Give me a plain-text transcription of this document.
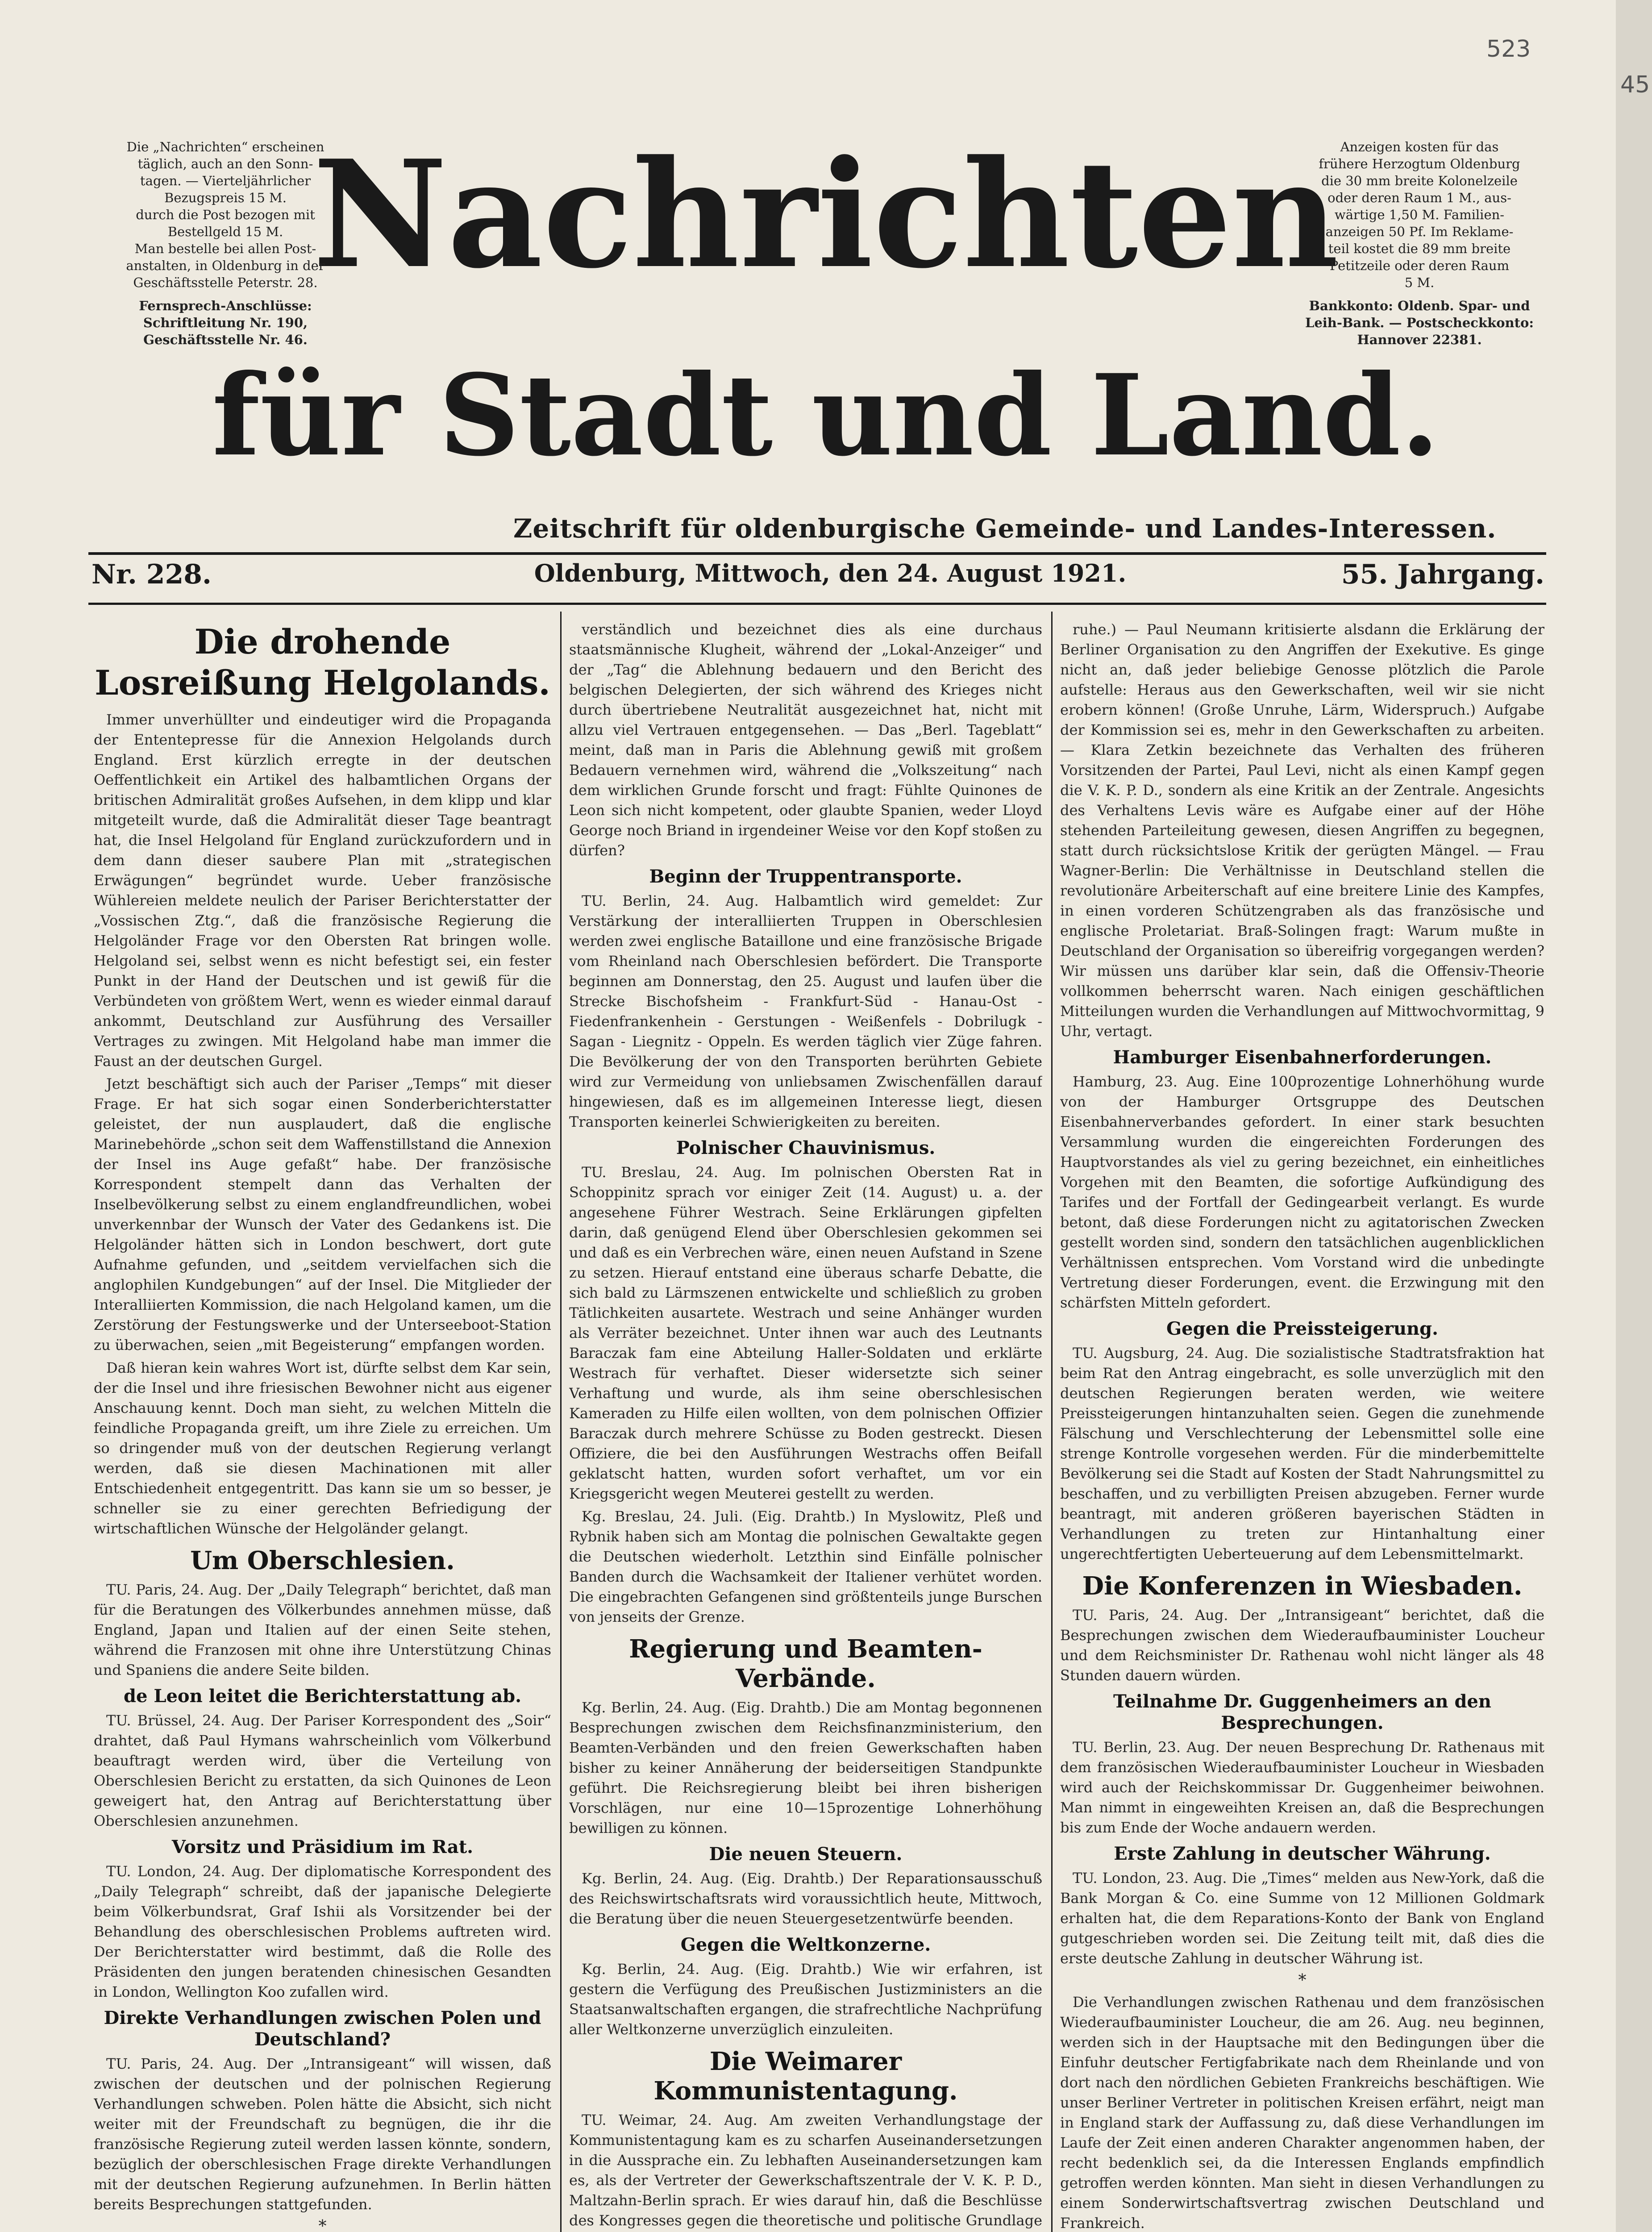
523
45
Nachrichten
für Stadt und Land.
Zeitschrift für oldenburgische Gemeinde- und Landes-Interessen.

Die „Nachrichten“ erscheinen

täglich, auch an den Sonn-

tagen. — Vierteljährlicher

Bezugspreis 15 M.

durch die Post bezogen mit

Bestellgeld 15 M.

Man bestelle bei allen Post-

anstalten, in Oldenburg in der

Geschäftsstelle Peterstr. 28.

Fernsprech-Anschlüsse:

Schriftleitung Nr. 190,

Geschäftsstelle Nr. 46.

Anzeigen kosten für das

frühere Herzogtum Oldenburg

die 30 mm breite Kolonelzeile

oder deren Raum 1 M., aus-

wärtige 1,50 M. Familien-

anzeigen 50 Pf. Im Reklame-

teil kostet die 89 mm breite

Petitzeile oder deren Raum

5 M.

Bankkonto: Oldenb. Spar- und

Leih-Bank. — Postscheckkonto:

Hannover 22381.

Nr. 228.	Oldenburg, Mittwoch, den 24. August 1921.	55. Jahrgang.
Die drohende Losreißung Helgolands.

Immer unverhüllter und eindeutiger wird die Propaganda der Ententepresse für die Annexion Helgolands durch England. Erst kürzlich erregte in der deutschen Oeffentlichkeit ein Artikel des halbamtlichen Organs der britischen Admiralität großes Aufsehen, in dem klipp und klar mitgeteilt wurde, daß die Admiralität dieser Tage beantragt hat, die Insel Helgoland für England zurückzufordern und in dem dann dieser saubere Plan mit „strategischen Erwägungen“ begründet wurde. Ueber französische Wühlereien meldete neulich der Pariser Berichterstatter der „Vossischen Ztg.“, daß die französische Regierung die Helgoländer Frage vor den Obersten Rat bringen wolle. Helgoland sei, selbst wenn es nicht befestigt sei, ein fester Punkt in der Hand der Deutschen und ist gewiß für die Verbündeten von größtem Wert, wenn es wieder einmal darauf ankommt, Deutschland zur Ausführung des Versailler Vertrages zu zwingen. Mit Helgoland habe man immer die Faust an der deutschen Gurgel.

Jetzt beschäftigt sich auch der Pariser „Temps“ mit dieser Frage. Er hat sich sogar einen Sonderberichterstatter geleistet, der nun ausplaudert, daß die englische Marinebehörde „schon seit dem Waffenstillstand die Annexion der Insel ins Auge gefaßt“ habe. Der französische Korrespondent stempelt dann das Verhalten der Inselbevölkerung selbst zu einem englandfreundlichen, wobei unverkennbar der Wunsch der Vater des Gedankens ist. Die Helgoländer hätten sich in London beschwert, dort gute Aufnahme gefunden, und „seitdem vervielfachen sich die anglophilen Kundgebungen“ auf der Insel. Die Mitglieder der Interalliierten Kommission, die nach Helgoland kamen, um die Zerstörung der Festungswerke und der Unterseeboot-Station zu überwachen, seien „mit Begeisterung“ empfangen worden.

Daß hieran kein wahres Wort ist, dürfte selbst dem Kar sein, der die Insel und ihre friesischen Bewohner nicht aus eigener Anschauung kennt. Doch man sieht, zu welchen Mitteln die feindliche Propaganda greift, um ihre Ziele zu erreichen. Um so dringender muß von der deutschen Regierung verlangt werden, daß sie diesen Machinationen mit aller Entschiedenheit entgegentritt. Das kann sie um so besser, je schneller sie zu einer gerechten Befriedigung der wirtschaftlichen Wünsche der Helgoländer gelangt.

Um Oberschlesien.

TU. Paris, 24. Aug. Der „Daily Telegraph“ berichtet, daß man für die Beratungen des Völkerbundes annehmen müsse, daß England, Japan und Italien auf der einen Seite stehen, während die Franzosen mit ohne ihre Unterstützung Chinas und Spaniens die andere Seite bilden.

de Leon leitet die Berichterstattung ab.

TU. Brüssel, 24. Aug. Der Pariser Korrespondent des „Soir“ drahtet, daß Paul Hymans wahrscheinlich vom Völkerbund beauftragt werden wird, über die Verteilung von Oberschlesien Bericht zu erstatten, da sich Quinones de Leon geweigert hat, den Antrag auf Berichterstattung über Oberschlesien anzunehmen.

Vorsitz und Präsidium im Rat.

TU. London, 24. Aug. Der diplomatische Korrespondent des „Daily Telegraph“ schreibt, daß der japanische Delegierte beim Völkerbundsrat, Graf Ishii als Vorsitzender bei der Behandlung des oberschlesischen Problems auftreten wird. Der Berichterstatter wird bestimmt, daß die Rolle des Präsidenten den jungen beratenden chinesischen Gesandten in London, Wellington Koo zufallen wird.

Direkte Verhandlungen zwischen Polen und Deutschland?

TU. Paris, 24. Aug. Der „Intransigeant“ will wissen, daß zwischen der deutschen und der polnischen Regierung Verhandlungen schweben. Polen hätte die Absicht, sich nicht weiter mit der Freundschaft zu begnügen, die ihr die französische Regierung zuteil werden lassen könnte, sondern, bezüglich der oberschlesischen Frage direkte Verhandlungen mit der deutschen Regierung aufzunehmen. In Berlin hätten bereits Besprechungen stattgefunden.

*

verständlich und bezeichnet dies als eine durchaus staatsmännische Klugheit, während der „Lokal-Anzeiger“ und der „Tag“ die Ablehnung bedauern und den Bericht des belgischen Delegierten, der sich während des Krieges nicht durch übertriebene Neutralität ausgezeichnet hat, nicht mit allzu viel Vertrauen entgegensehen. — Das „Berl. Tageblatt“ meint, daß man in Paris die Ablehnung gewiß mit großem Bedauern vernehmen wird, während die „Volkszeitung“ nach dem wirklichen Grunde forscht und fragt: Fühlte Quinones de Leon sich nicht kompetent, oder glaubte Spanien, weder Lloyd George noch Briand in irgendeiner Weise vor den Kopf stoßen zu dürfen?

Beginn der Truppentransporte.

TU. Berlin, 24. Aug. Halbamtlich wird gemeldet: Zur Verstärkung der interalliierten Truppen in Oberschlesien werden zwei englische Bataillone und eine französische Brigade vom Rheinland nach Oberschlesien befördert. Die Transporte beginnen am Donnerstag, den 25. August und laufen über die Strecke Bischofsheim - Frankfurt-Süd - Hanau-Ost - Fiedenfrankenhein - Gerstungen - Weißenfels - Dobrilugk - Sagan - Liegnitz - Oppeln. Es werden täglich vier Züge fahren. Die Bevölkerung der von den Transporten berührten Gebiete wird zur Vermeidung von unliebsamen Zwischenfällen darauf hingewiesen, daß es im allgemeinen Interesse liegt, diesen Transporten keinerlei Schwierigkeiten zu bereiten.

Polnischer Chauvinismus.

TU. Breslau, 24. Aug. Im polnischen Obersten Rat in Schoppinitz sprach vor einiger Zeit (14. August) u. a. der angesehene Führer Westrach. Seine Erklärungen gipfelten darin, daß genügend Elend über Oberschlesien gekommen sei und daß es ein Verbrechen wäre, einen neuen Aufstand in Szene zu setzen. Hierauf entstand eine überaus scharfe Debatte, die sich bald zu Lärmszenen entwickelte und schließlich zu groben Tätlichkeiten ausartete. Westrach und seine Anhänger wurden als Verräter bezeichnet. Unter ihnen war auch des Leutnants Baraczak fam eine Abteilung Haller-Soldaten und erklärte Westrach für verhaftet. Dieser widersetzte sich seiner Verhaftung und wurde, als ihm seine oberschlesischen Kameraden zu Hilfe eilen wollten, von dem polnischen Offizier Baraczak durch mehrere Schüsse zu Boden gestreckt. Diesen Offiziere, die bei den Ausführungen Westrachs offen Beifall geklatscht hatten, wurden sofort verhaftet, um vor ein Kriegsgericht wegen Meuterei gestellt zu werden.

Kg. Breslau, 24. Juli. (Eig. Drahtb.) In Myslowitz, Pleß und Rybnik haben sich am Montag die polnischen Gewaltakte gegen die Deutschen wiederholt. Letzthin sind Einfälle polnischer Banden durch die Wachsamkeit der Italiener verhütet worden. Die eingebrachten Gefangenen sind größtenteils junge Burschen von jenseits der Grenze.

Regierung und Beamten-Verbände.

Kg. Berlin, 24. Aug. (Eig. Drahtb.) Die am Montag begonnenen Besprechungen zwischen dem Reichsfinanzministerium, den Beamten-Verbänden und den freien Gewerkschaften haben bisher zu keiner Annäherung der beiderseitigen Standpunkte geführt. Die Reichsregierung bleibt bei ihren bisherigen Vorschlägen, nur eine 10—15prozentige Lohnerhöhung bewilligen zu können.

Die neuen Steuern.

Kg. Berlin, 24. Aug. (Eig. Drahtb.) Der Reparationsausschuß des Reichswirtschaftsrats wird voraussichtlich heute, Mittwoch, die Beratung über die neuen Steuergesetzentwürfe beenden.

Gegen die Weltkonzerne.

Kg. Berlin, 24. Aug. (Eig. Drahtb.) Wie wir erfahren, ist gestern die Verfügung des Preußischen Justizministers an die Staatsanwaltschaften ergangen, die strafrechtliche Nachprüfung aller Weltkonzerne unverzüglich einzuleiten.

Die Weimarer Kommunistentagung.

TU. Weimar, 24. Aug. Am zweiten Verhandlungstage der Kommunistentagung kam es zu scharfen Auseinandersetzungen in die Aussprache ein. Zu lebhaften Auseinandersetzungen kam es, als der Vertreter der Gewerkschaftszentrale der V. K. P. D., Maltzahn-Berlin sprach. Er wies darauf hin, daß die Beschlüsse des Kongresses gegen die theoretische und politische Grundlage

ruhe.) — Paul Neumann kritisierte alsdann die Erklärung der Berliner Organisation zu den Angriffen der Exekutive. Es ginge nicht an, daß jeder beliebige Genosse plötzlich die Parole aufstelle: Heraus aus den Gewerkschaften, weil wir sie nicht erobern können! (Große Unruhe, Lärm, Widerspruch.) Aufgabe der Kommission sei es, mehr in den Gewerkschaften zu arbeiten. — Klara Zetkin bezeichnete das Verhalten des früheren Vorsitzenden der Partei, Paul Levi, nicht als einen Kampf gegen die V. K. P. D., sondern als eine Kritik an der Zentrale. Angesichts des Verhaltens Levis wäre es Aufgabe einer auf der Höhe stehenden Parteileitung gewesen, diesen Angriffen zu begegnen, statt durch rücksichtslose Kritik der gerügten Mängel. — Frau Wagner-Berlin: Die Verhältnisse in Deutschland stellen die revolutionäre Arbeiterschaft auf eine breitere Linie des Kampfes, in einen vorderen Schützengraben als das französische und englische Proletariat. Braß-Solingen fragt: Warum mußte in Deutschland der Organisation so übereifrig vorgegangen werden? Wir müssen uns darüber klar sein, daß die Offensiv-Theorie vollkommen beherrscht waren. Nach einigen geschäftlichen Mitteilungen wurden die Verhandlungen auf Mittwochvormittag, 9 Uhr, vertagt.

Hamburger Eisenbahnerforderungen.

Hamburg, 23. Aug. Eine 100prozentige Lohnerhöhung wurde von der Hamburger Ortsgruppe des Deutschen Eisenbahnerverbandes gefordert. In einer stark besuchten Versammlung wurden die eingereichten Forderungen des Hauptvorstandes als viel zu gering bezeichnet, ein einheitliches Vorgehen mit den Beamten, die sofortige Aufkündigung des Tarifes und der Fortfall der Gedingearbeit verlangt. Es wurde betont, daß diese Forderungen nicht zu agitatorischen Zwecken gestellt worden sind, sondern den tatsächlichen augenblicklichen Verhältnissen entsprechen. Vom Vorstand wird die unbedingte Vertretung dieser Forderungen, event. die Erzwingung mit den schärfsten Mitteln gefordert.

Gegen die Preissteigerung.

TU. Augsburg, 24. Aug. Die sozialistische Stadtratsfraktion hat beim Rat den Antrag eingebracht, es solle unverzüglich mit den deutschen Regierungen beraten werden, wie weitere Preissteigerungen hintanzuhalten seien. Gegen die zunehmende Fälschung und Verschlechterung der Lebensmittel solle eine strenge Kontrolle vorgesehen werden. Für die minderbemittelte Bevölkerung sei die Stadt auf Kosten der Stadt Nahrungsmittel zu beschaffen, und zu verbilligten Preisen abzugeben. Ferner wurde beantragt, mit anderen größeren bayerischen Städten in Verhandlungen zu treten zur Hintanhaltung einer ungerechtfertigten Ueberteuerung auf dem Lebensmittelmarkt.

Die Konferenzen in Wiesbaden.

TU. Paris, 24. Aug. Der „Intransigeant“ berichtet, daß die Besprechungen zwischen dem Wiederaufbauminister Loucheur und dem Reichsminister Dr. Rathenau wohl nicht länger als 48 Stunden dauern würden.

Teilnahme Dr. Guggenheimers an den Besprechungen.

TU. Berlin, 23. Aug. Der neuen Besprechung Dr. Rathenaus mit dem französischen Wiederaufbauminister Loucheur in Wiesbaden wird auch der Reichskommissar Dr. Guggenheimer beiwohnen. Man nimmt in eingeweihten Kreisen an, daß die Besprechungen bis zum Ende der Woche andauern werden.

Erste Zahlung in deutscher Währung.

TU. London, 23. Aug. Die „Times“ melden aus New-York, daß die Bank Morgan & Co. eine Summe von 12 Millionen Goldmark erhalten hat, die dem Reparations-Konto der Bank von England gutgeschrieben worden sei. Die Zeitung teilt mit, daß dies die erste deutsche Zahlung in deutscher Währung ist.

*

Die Verhandlungen zwischen Rathenau und dem französischen Wiederaufbauminister Loucheur, die am 26. Aug. neu beginnen, werden sich in der Hauptsache mit den Bedingungen über die Einfuhr deutscher Fertigfabrikate nach dem Rheinlande und von dort nach den nördlichen Gebieten Frankreichs beschäftigen. Wie unser Berliner Vertreter in politischen Kreisen erfährt, neigt man in England stark der Auffassung zu, daß diese Verhandlungen im Laufe der Zeit einen anderen Charakter angenommen haben, der recht bedenklich sei, da die Interessen Englands empfindlich getroffen werden könnten. Man sieht in diesen Verhandlungen zu einem Sonderwirtschaftsvertrag zwischen Deutschland und Frankreich.
